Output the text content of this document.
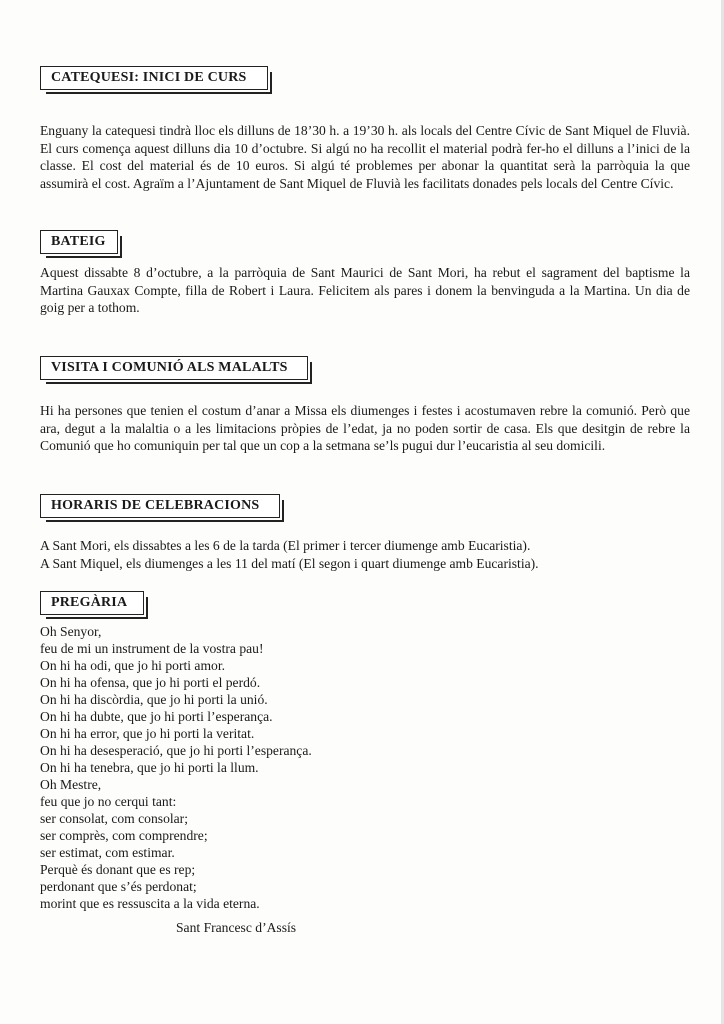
CATEQUESI: INICI DE CURS
Enguany la catequesi tindrà lloc els dilluns de 18’30 h. a 19’30 h. als locals del Centre Cívic de Sant Miquel de Fluvià. El curs comença aquest dilluns dia 10 d’octubre. Si algú no ha recollit el material podrà fer-ho el dilluns a l’inici de la classe. El cost del material és de 10 euros. Si algú té problemes per abonar la quantitat serà la parròquia la que assumirà el cost. Agraïm a l’Ajuntament de Sant Miquel de Fluvià les facilitats donades pels locals del Centre Cívic.
BATEIG
Aquest dissabte 8 d’octubre, a la parròquia de Sant Maurici de Sant Mori, ha rebut el sagrament del baptisme la Martina Gauxax Compte, filla de Robert i Laura. Felicitem als pares i donem la benvinguda a la Martina. Un dia de goig per a tothom.
VISITA I COMUNIÓ ALS MALALTS
Hi ha persones que tenien el costum d’anar a Missa els diumenges i festes i acostumaven rebre la comunió. Però que ara, degut a la malaltia o a les limitacions pròpies de l’edat, ja no poden sortir de casa. Els que desitgin de rebre la Comunió que ho comuniquin per tal que un cop a la setmana se’ls pugui dur l’eucaristia al seu domicili.
HORARIS DE CELEBRACIONS
A Sant Mori, els dissabtes a les 6 de la tarda (El primer i tercer diumenge amb Eucaristia).
A Sant Miquel, els diumenges a les 11 del matí (El segon i quart diumenge amb Eucaristia).
PREGÀRIA
Oh Senyor,
feu de mi un instrument de la vostra pau!
On hi ha odi, que jo hi porti amor.
On hi ha ofensa, que jo hi porti el perdó.
On hi ha discòrdia, que jo hi porti la unió.
On hi ha dubte, que jo hi porti l’esperança.
On hi ha error, que jo hi porti la veritat.
On hi ha desesperació, que jo hi porti l’esperança.
On hi ha tenebra, que jo hi porti la llum.
Oh Mestre,
feu que jo no cerqui tant:
ser consolat, com consolar;
ser comprès, com comprendre;
ser estimat, com estimar.
Perquè és donant que es rep;
perdonant que s’és perdonat;
morint que es ressuscita a la vida eterna.
Sant Francesc d’Assís
